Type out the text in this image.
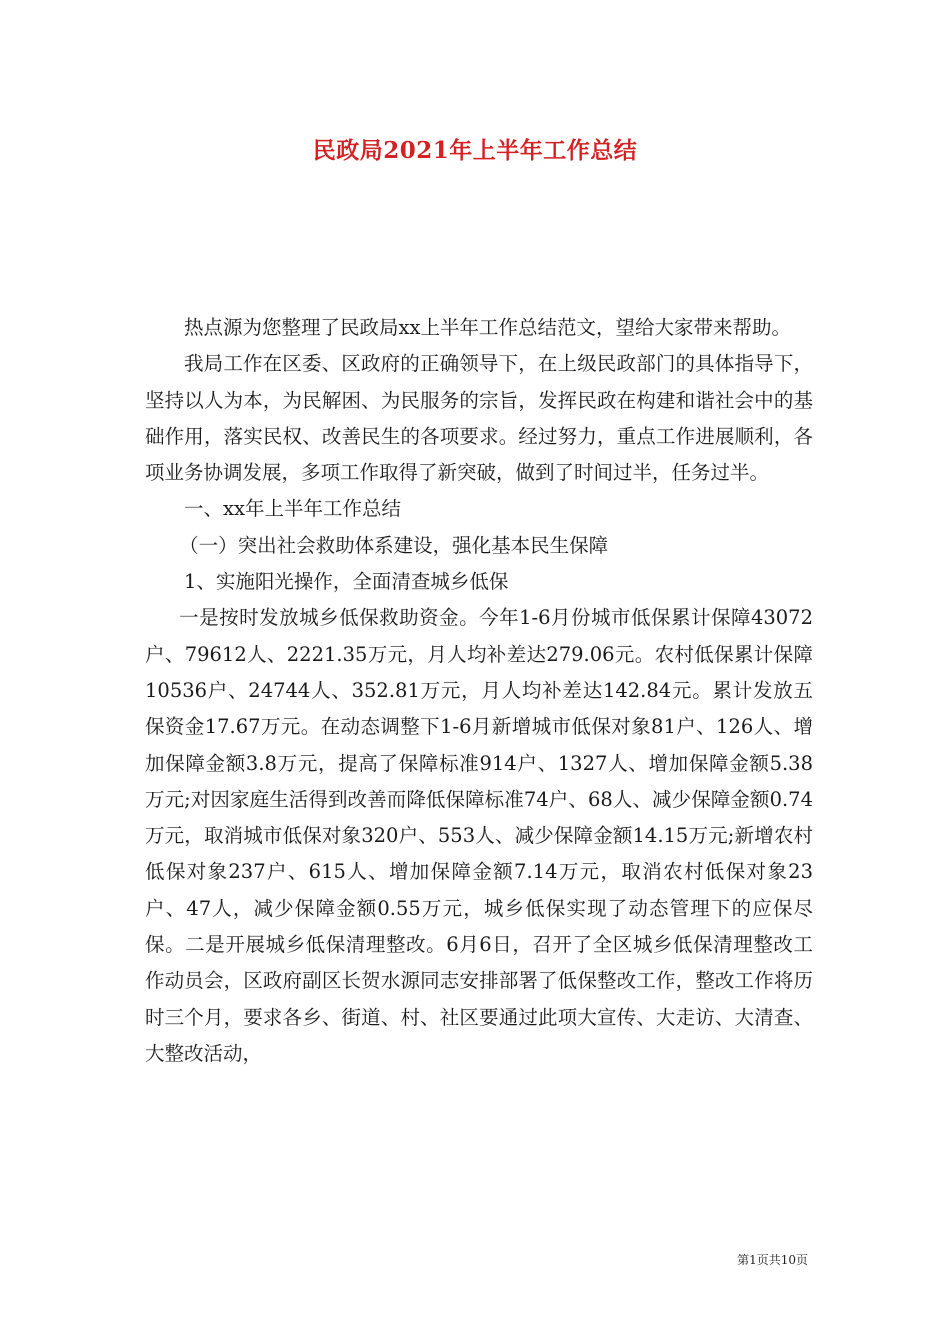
民政局2021年上半年工作总结

热点源为您整理了民政局xx上半年工作总结范文，望给大家带来帮助。

我局工作在区委、区政府的正确领导下，在上级民政部门的具体指导下，坚持以人为本，为民解困、为民服务的宗旨，发挥民政在构建和谐社会中的基础作用，落实民权、改善民生的各项要求。经过努力，重点工作进展顺利，各项业务协调发展，多项工作取得了新突破，做到了时间过半，任务过半。

一、xx年上半年工作总结

（一）突出社会救助体系建设，强化基本民生保障

1、实施阳光操作，全面清查城乡低保

一是按时发放城乡低保救助资金。今年1-6月份城市低保累计保障43072户、79612人、2221.35万元，月人均补差达279.06元。农村低保累计保障10536户、24744人、352.81万元，月人均补差达142.84元。累计发放五保资金17.67万元。在动态调整下1-6月新增城市低保对象81户、126人、增加保障金额3.8万元，提高了保障标准914户、1327人、增加保障金额5.38万元;对因家庭生活得到改善而降低保障标准74户、68人、减少保障金额0.74万元，取消城市低保对象320户、553人、减少保障金额14.15万元;新增农村低保对象237户、615人、增加保障金额7.14万元，取消农村低保对象23户、47人，减少保障金额0.55万元，城乡低保实现了动态管理下的应保尽保。二是开展城乡低保清理整改。6月6日，召开了全区城乡低保清理整改工作动员会，区政府副区长贺水源同志安排部署了低保整改工作，整改工作将历时三个月，要求各乡、街道、村、社区要通过此项大宣传、大走访、大清查、大整改活动，

第1页共10页
